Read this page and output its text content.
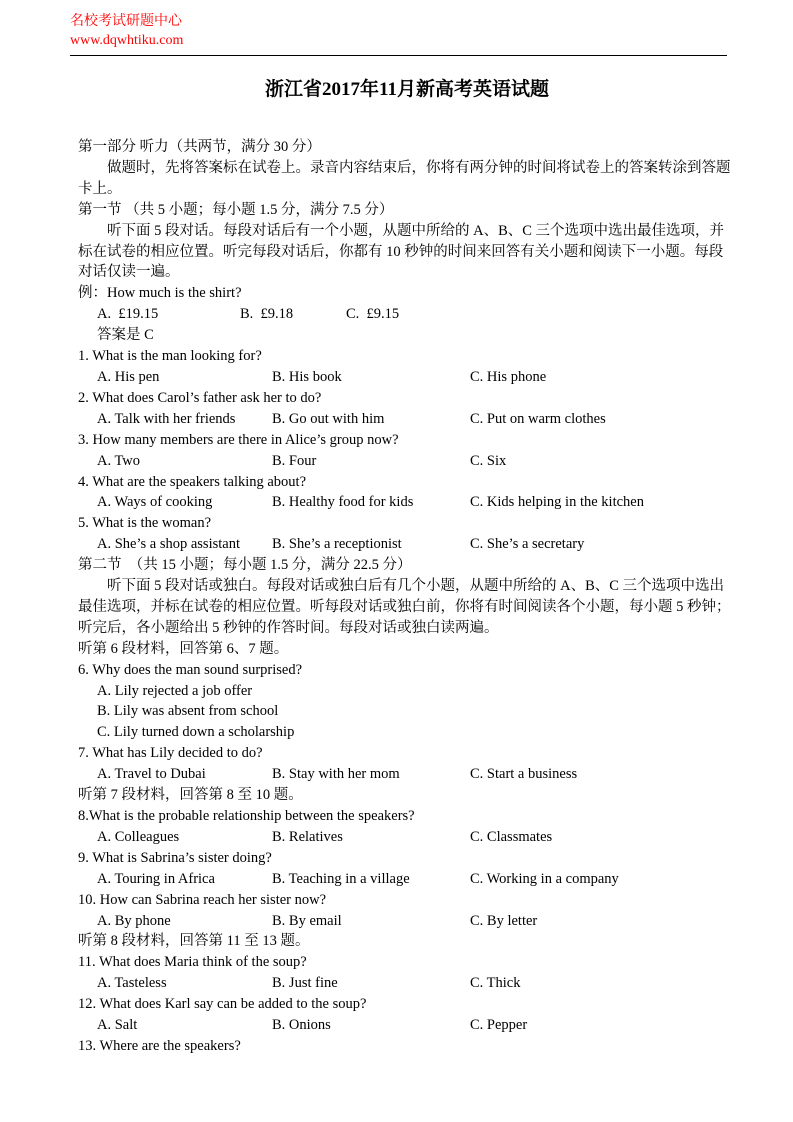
名校考试研题中心
www.dqwhtiku.com
浙江省2017年11月新高考英语试题
第一部分 听力（共两节，满分 30 分）
做题时，先将答案标在试卷上。录音内容结束后，你将有两分钟的时间将试卷上的答案转涂到答题卡上。
第一节 （共 5 小题；每小题 1.5 分，满分 7.5 分）
听下面 5 段对话。每段对话后有一个小题，从题中所给的 A、B、C 三个选项中选出最佳选项，并标在试卷的相应位置。听完每段对话后，你都有 10 秒钟的时间来回答有关小题和阅读下一小题。每段对话仅读一遍。
例：How much is the shirt?
A.  £19.15	B.  £9.18	C.  £9.15
答案是 C
1. What is the man looking for?
A. His pen	B. His book	C. His phone
2. What does Carol’s father ask her to do?
A. Talk with her friends	B. Go out with him	C. Put on warm clothes
3. How many members are there in Alice’s group now?
A. Two	B. Four	C. Six
4. What are the speakers talking about?
A. Ways of cooking	B. Healthy food for kids	C. Kids helping in the kitchen
5. What is the woman?
A. She’s a shop assistant	B. She’s a receptionist	C. She’s a secretary
第二节　（共 15 小题；每小题 1.5 分，满分 22.5 分）
听下面 5 段对话或独白。每段对话或独白后有几个小题，从题中所给的 A、B、C 三个选项中选出最佳选项，并标在试卷的相应位置。听每段对话或独白前，你将有时间阅读各个小题，每小题 5 秒钟；听完后，各小题给出 5 秒钟的作答时间。每段对话或独白读两遍。
听第 6 段材料，回答第 6、7 题。
6. Why does the man sound surprised?
A. Lily rejected a job offer
B. Lily was absent from school
C. Lily turned down a scholarship
7. What has Lily decided to do?
A. Travel to Dubai	B. Stay with her mom	C. Start a business
听第 7 段材料，回答第 8 至 10 题。
8.What is the probable relationship between the speakers?
A. Colleagues	B. Relatives	C. Classmates
9. What is Sabrina’s sister doing?
A. Touring in Africa	B. Teaching in a village	C. Working in a company
10. How can Sabrina reach her sister now?
A. By phone	B. By email	C. By letter
听第 8 段材料，回答第 11 至 13 题。
11. What does Maria think of the soup?
A. Tasteless	B. Just fine	C. Thick
12. What does Karl say can be added to the soup?
A. Salt	B. Onions	C. Pepper
13. Where are the speakers?
